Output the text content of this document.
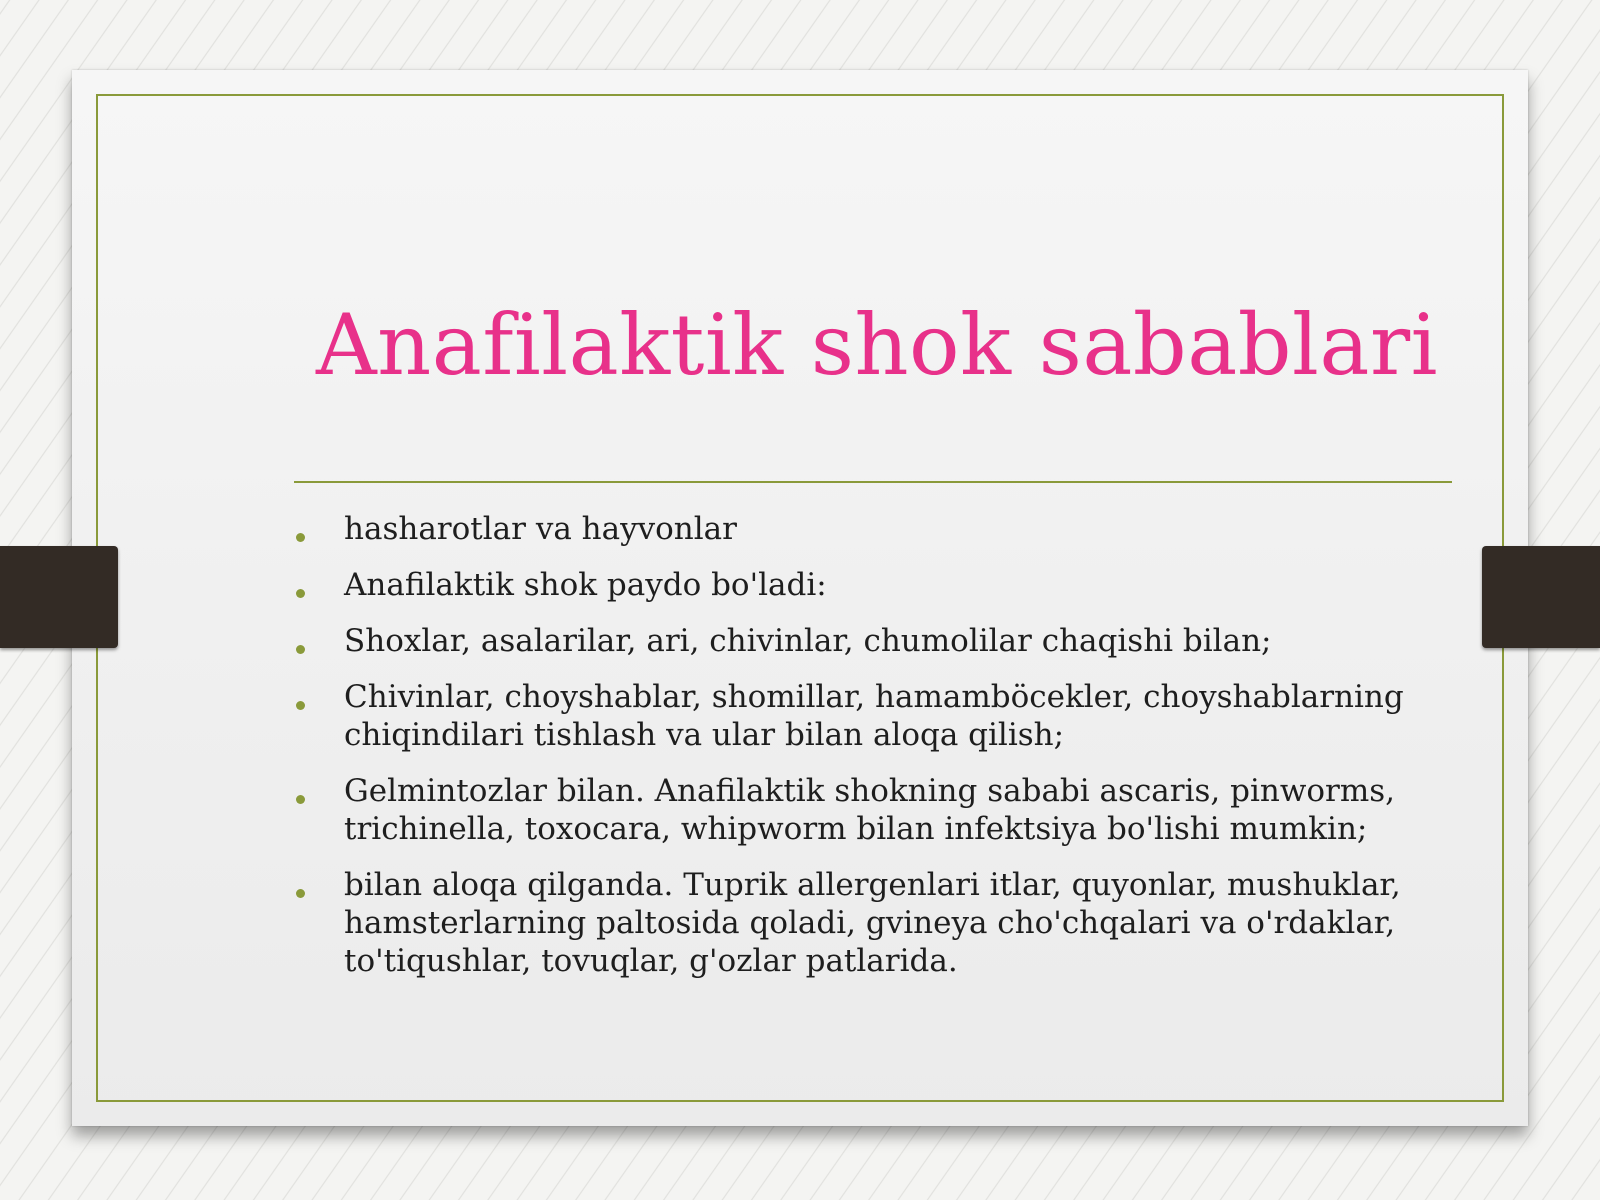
Anafilaktik shok sabablari
hasharotlar va hayvonlar
Anafilaktik shok paydo bo'ladi:
Shoxlar, asalarilar, ari, chivinlar, chumolilar chaqishi bilan;
Chivinlar, choyshablar, shomillar, hamamböcekler, choyshablarning chiqindilari tishlash va ular bilan aloqa qilish;
Gelmintozlar bilan. Anafilaktik shokning sababi ascaris, pinworms, trichinella, toxocara, whipworm bilan infektsiya bo'lishi mumkin;
bilan aloqa qilganda. Tuprik allergenlari itlar, quyonlar, mushuklar, hamsterlarning paltosida qoladi, gvineya cho'chqalari va o'rdaklar, to'tiqushlar, tovuqlar, g'ozlar patlarida.
